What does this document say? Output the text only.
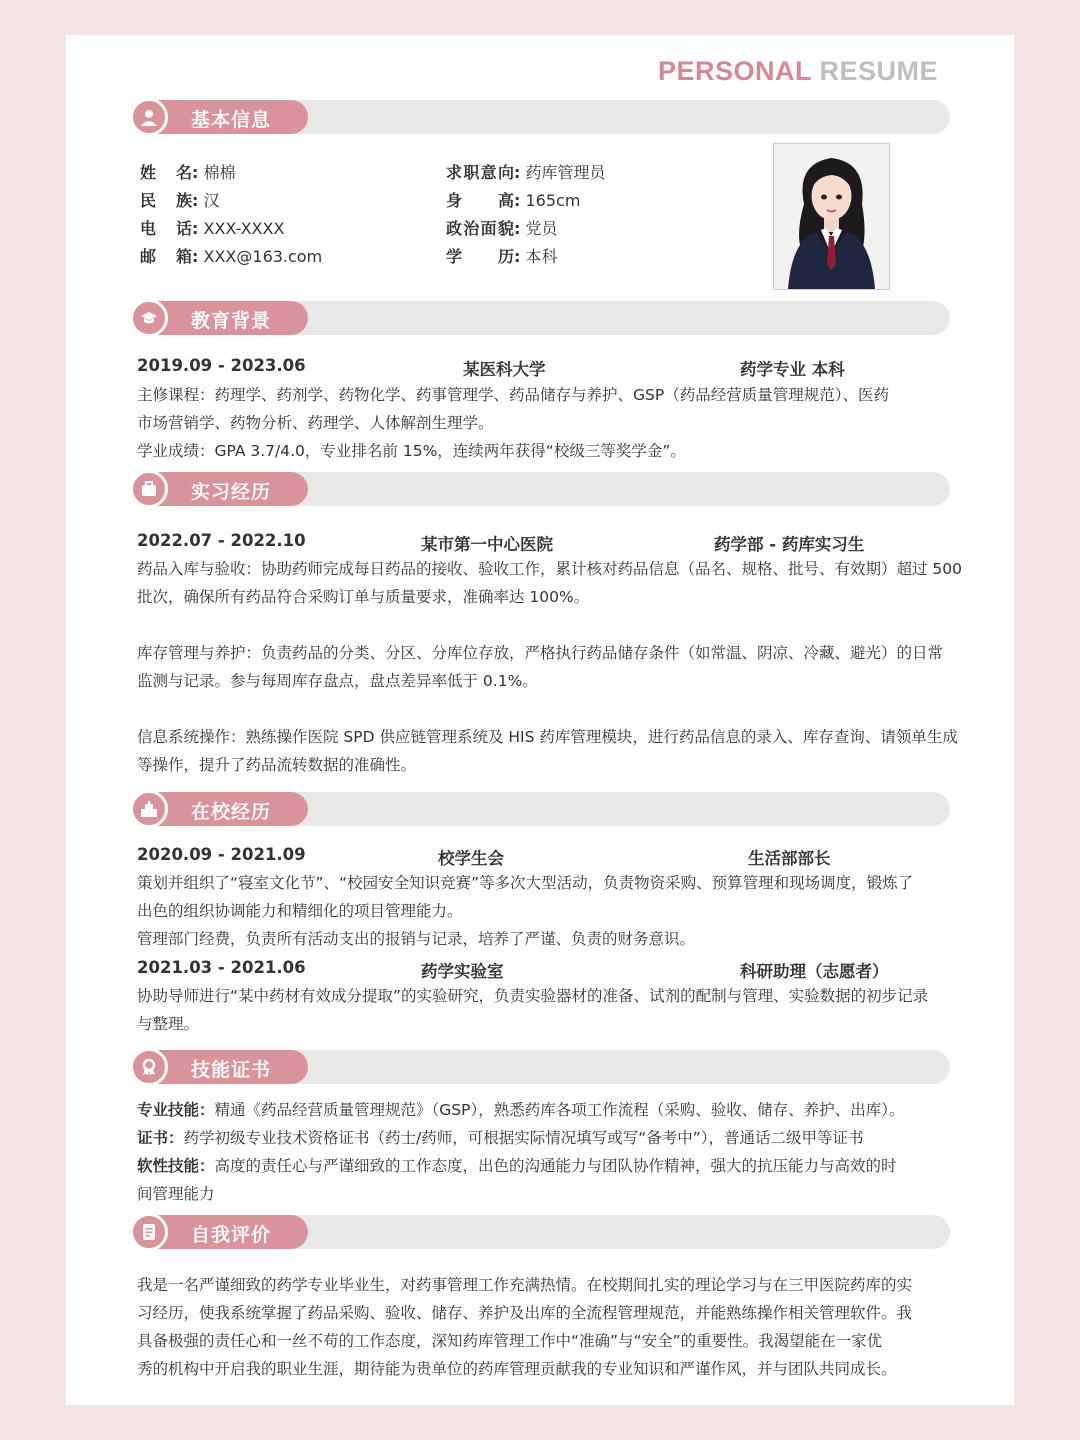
PERSONAL RESUME
基本信息
姓名: 棉棉
民族: 汉
电话: XXX-XXXX
邮箱: XXX@163.com
求职意向: 药库管理员
身高: 165cm
政治面貌: 党员
学历: 本科
教育背景
2019.09 - 2023.06	某医科大学	药学专业 本科
主修课程：药理学、药剂学、药物化学、药事管理学、药品储存与养护、GSP（药品经营质量管理规范）、医药
市场营销学、药物分析、药理学、人体解剖生理学。
学业成绩：GPA 3.7/4.0，专业排名前 15%，连续两年获得“校级三等奖学金”。
实习经历
2022.07 - 2022.10	某市第一中心医院	药学部 - 药库实习生
药品入库与验收：协助药师完成每日药品的接收、验收工作，累计核对药品信息（品名、规格、批号、有效期）超过 500
批次，确保所有药品符合采购订单与质量要求，准确率达 100%。
库存管理与养护：负责药品的分类、分区、分库位存放，严格执行药品储存条件（如常温、阴凉、冷藏、避光）的日常
监测与记录。参与每周库存盘点，盘点差异率低于 0.1%。
信息系统操作：熟练操作医院 SPD 供应链管理系统及 HIS 药库管理模块，进行药品信息的录入、库存查询、请领单生成
等操作，提升了药品流转数据的准确性。
在校经历
2020.09 - 2021.09	校学生会	生活部部长
策划并组织了“寝室文化节”、“校园安全知识竞赛”等多次大型活动，负责物资采购、预算管理和现场调度，锻炼了
出色的组织协调能力和精细化的项目管理能力。
管理部门经费，负责所有活动支出的报销与记录，培养了严谨、负责的财务意识。
2021.03 - 2021.06	药学实验室	科研助理（志愿者）
协助导师进行“某中药材有效成分提取”的实验研究，负责实验器材的准备、试剂的配制与管理、实验数据的初步记录
与整理。
技能证书
专业技能：精通《药品经营质量管理规范》（GSP），熟悉药库各项工作流程（采购、验收、储存、养护、出库）。
证书：药学初级专业技术资格证书（药士/药师，可根据实际情况填写或写“备考中”），普通话二级甲等证书
软性技能：高度的责任心与严谨细致的工作态度，出色的沟通能力与团队协作精神，强大的抗压能力与高效的时
间管理能力
自我评价
我是一名严谨细致的药学专业毕业生，对药事管理工作充满热情。在校期间扎实的理论学习与在三甲医院药库的实
习经历，使我系统掌握了药品采购、验收、储存、养护及出库的全流程管理规范，并能熟练操作相关管理软件。我
具备极强的责任心和一丝不苟的工作态度，深知药库管理工作中“准确”与“安全”的重要性。我渴望能在一家优
秀的机构中开启我的职业生涯，期待能为贵单位的药库管理贡献我的专业知识和严谨作风，并与团队共同成长。
